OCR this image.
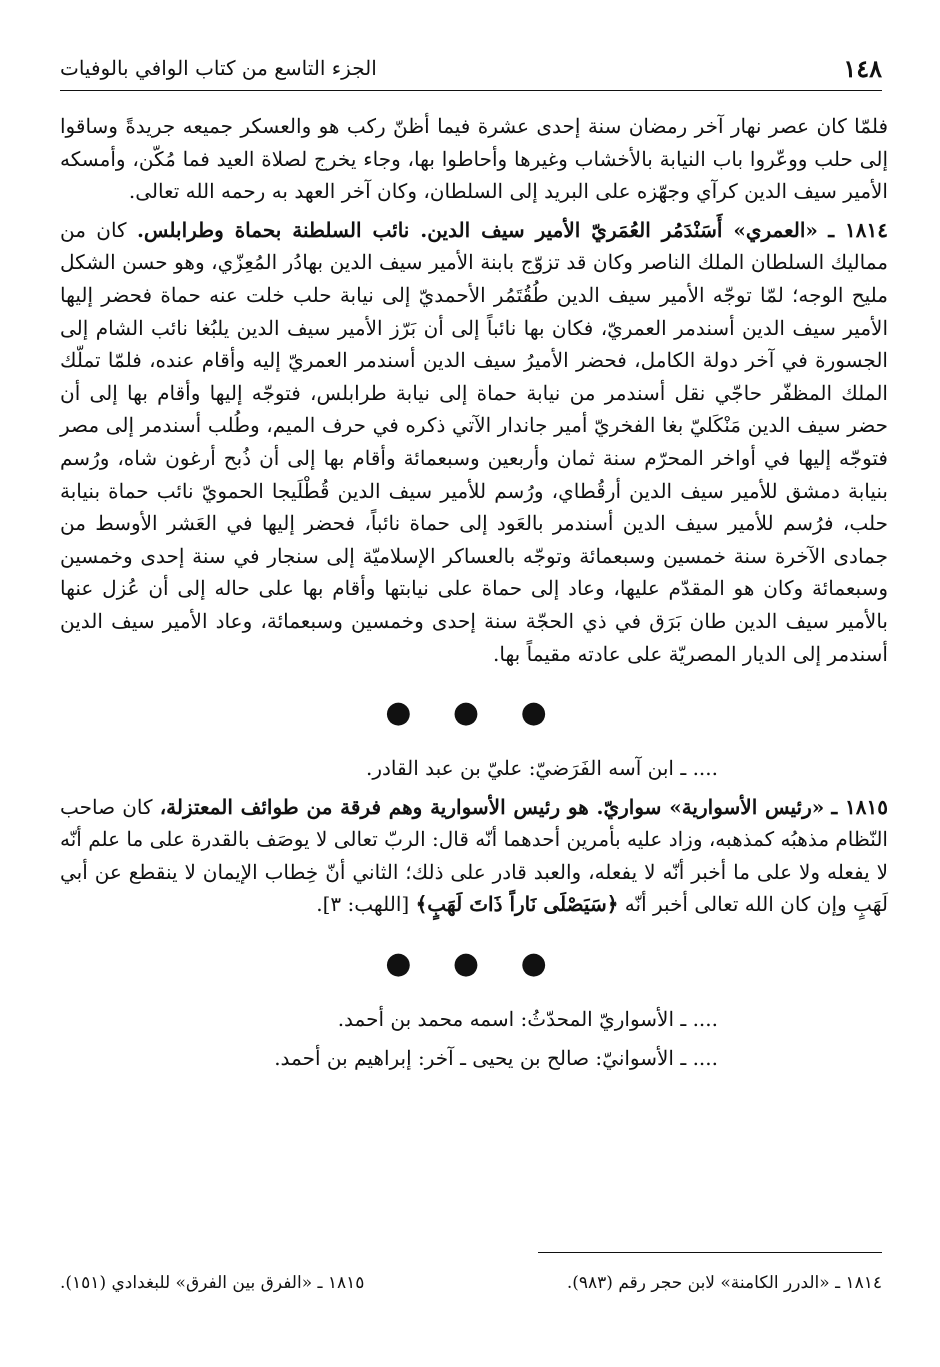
١٤٨
الجزء التاسع من كتاب الوافي بالوفيات

فلمّا كان عصر نهار آخر رمضان سنة إحدى عشرة فيما أظنّ ركب هو والعسكر جميعه جريدةً وساقوا إلى حلب ووعّروا باب النيابة بالأخشاب وغيرها وأحاطوا بها، وجاء يخرج لصلاة العيد فما مُكّن، وأمسكه الأمير سيف الدين كرآي وجهّزه على البريد إلى السلطان، وكان آخر العهد به رحمه الله تعالى.

١٨١٤ ـ «العمري» أَسَنْدَمُر العُمَريّ الأمير سيف الدين. نائب السلطنة بحماة وطرابلس. كان من مماليك السلطان الملك الناصر وكان قد تزوّج بابنة الأمير سيف الدين بهادُر المُعِزّي، وهو حسن الشكل مليح الوجه؛ لمّا توجّه الأمير سيف الدين طُقُتَمُر الأحمديّ إلى نيابة حلب خلت عنه حماة فحضر إليها الأمير سيف الدين أسندمر العمريّ، فكان بها نائباً إلى أن بَرّز الأمير سيف الدين يلبُغا نائب الشام إلى الجسورة في آخر دولة الكامل، فحضر الأميرُ سيف الدين أسندمر العمريّ إليه وأقام عنده، فلمّا تملّك الملك المظفّر حاجّي نقل أسندمر من نيابة حماة إلى نيابة طرابلس، فتوجّه إليها وأقام بها إلى أن حضر سيف الدين مَنْكَليّ بغا الفخريّ أمير جاندار الآتي ذكره في حرف الميم، وطُلب أسندمر إلى مصر فتوجّه إليها في أواخر المحرّم سنة ثمان وأربعين وسبعمائة وأقام بها إلى أن ذُبح أرغون شاه، ورُسم بنيابة دمشق للأمير سيف الدين أرقُطاي، ورُسم للأمير سيف الدين قُطْلَيجا الحمويّ نائب حماة بنيابة حلب، فرُسم للأمير سيف الدين أسندمر بالعَود إلى حماة نائباً، فحضر إليها في العَشر الأوسط من جمادى الآخرة سنة خمسين وسبعمائة وتوجّه بالعساكر الإسلاميّة إلى سنجار في سنة إحدى وخمسين وسبعمائة وكان هو المقدّم عليها، وعاد إلى حماة على نيابتها وأقام بها على حاله إلى أن عُزل عنها بالأمير سيف الدين طان بَرَق في ذي الحجّة سنة إحدى وخمسين وسبعمائة، وعاد الأمير سيف الدين أسندمر إلى الديار المصريّة على عادته مقيماً بها.

● ● ●

.... ـ ابن آسه الفَرَضيّ: عليّ بن عبد القادر.

١٨١٥ ـ «رئيس الأسوارية» سواريّ. هو رئيس الأسوارية وهم فرقة من طوائف المعتزلة، كان صاحب النّظام مذهبُه كمذهبه، وزاد عليه بأمرين أحدهما أنّه قال: الربّ تعالى لا يوصَف بالقدرة على ما علم أنّه لا يفعله ولا على ما أخبر أنّه لا يفعله، والعبد قادر على ذلك؛ الثاني أنّ خِطاب الإيمان لا ينقطع عن أبي لَهَبٍ وإن كان الله تعالى أخبر أنّه ﴿سَيَصْلَى نَاراً ذَاتَ لَهَبٍ﴾ [اللهب: ٣].

● ● ●

.... ـ الأسواريّ المحدّثُ: اسمه محمد بن أحمد.

.... ـ الأسوانيّ: صالح بن يحيى ـ آخر: إبراهيم بن أحمد.

١٨١٤ ـ «الدرر الكامنة» لابن حجر رقم (٩٨٣).
١٨١٥ ـ «الفرق بين الفرق» للبغدادي (١٥١).
